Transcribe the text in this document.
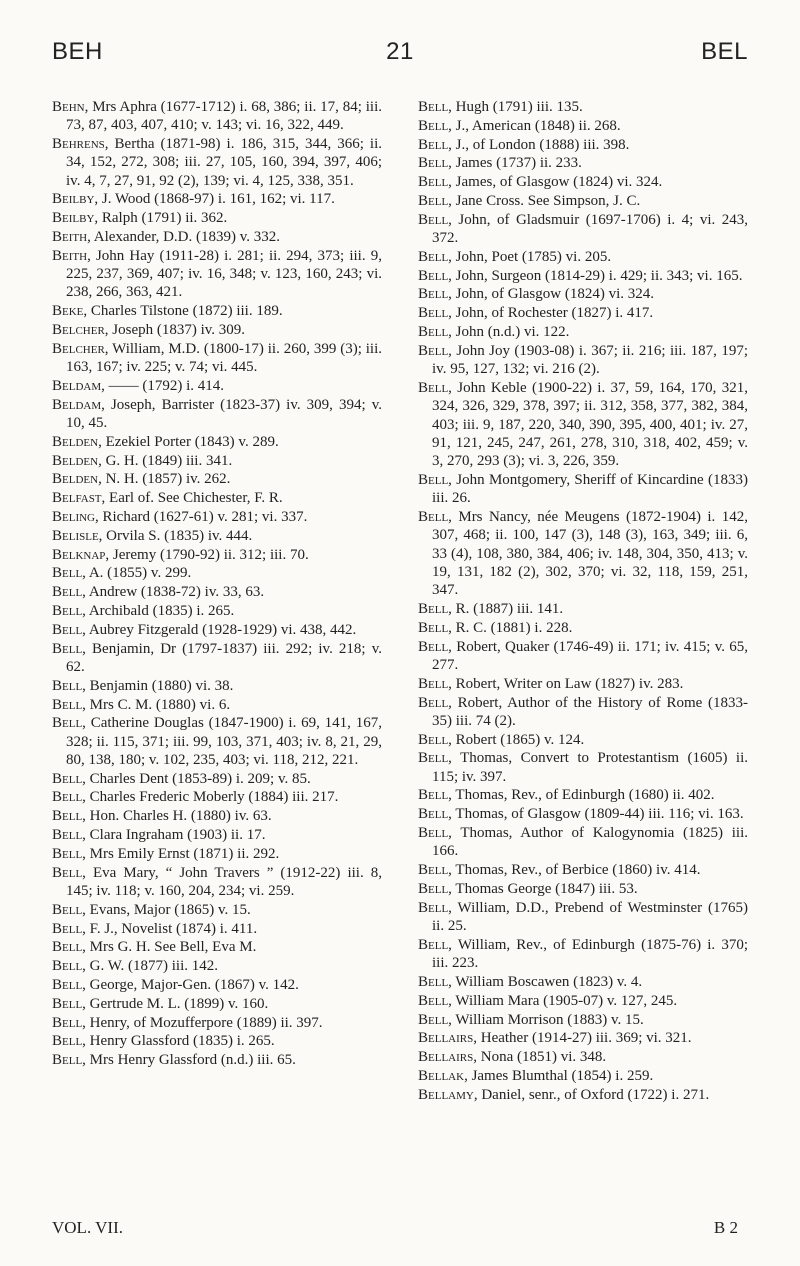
BEH	21	BEL

Behn, Mrs Aphra (1677-1712) i. 68, 386; ii. 17, 84; iii. 73, 87, 403, 407, 410; v. 143; vi. 16, 322, 449.

Behrens, Bertha (1871-98) i. 186, 315, 344, 366; ii. 34, 152, 272, 308; iii. 27, 105, 160, 394, 397, 406; iv. 4, 7, 27, 91, 92 (2), 139; vi. 4, 125, 338, 351.

Beilby, J. Wood (1868-97) i. 161, 162; vi. 117.

Beilby, Ralph (1791) ii. 362.

Beith, Alexander, D.D. (1839) v. 332.

Beith, John Hay (1911-28) i. 281; ii. 294, 373; iii. 9, 225, 237, 369, 407; iv. 16, 348; v. 123, 160, 243; vi. 238, 266, 363, 421.

Beke, Charles Tilstone (1872) iii. 189.

Belcher, Joseph (1837) iv. 309.

Belcher, William, M.D. (1800-17) ii. 260, 399 (3); iii. 163, 167; iv. 225; v. 74; vi. 445.

Beldam, —— (1792) i. 414.

Beldam, Joseph, Barrister (1823-37) iv. 309, 394; v. 10, 45.

Belden, Ezekiel Porter (1843) v. 289.

Belden, G. H. (1849) iii. 341.

Belden, N. H. (1857) iv. 262.

Belfast, Earl of. See Chichester, F. R.

Beling, Richard (1627-61) v. 281; vi. 337.

Belisle, Orvila S. (1835) iv. 444.

Belknap, Jeremy (1790-92) ii. 312; iii. 70.

Bell, A. (1855) v. 299.

Bell, Andrew (1838-72) iv. 33, 63.

Bell, Archibald (1835) i. 265.

Bell, Aubrey Fitzgerald (1928-1929) vi. 438, 442.

Bell, Benjamin, Dr (1797-1837) iii. 292; iv. 218; v. 62.

Bell, Benjamin (1880) vi. 38.

Bell, Mrs C. M. (1880) vi. 6.

Bell, Catherine Douglas (1847-1900) i. 69, 141, 167, 328; ii. 115, 371; iii. 99, 103, 371, 403; iv. 8, 21, 29, 80, 138, 180; v. 102, 235, 403; vi. 118, 212, 221.

Bell, Charles Dent (1853-89) i. 209; v. 85.

Bell, Charles Frederic Moberly (1884) iii. 217.

Bell, Hon. Charles H. (1880) iv. 63.

Bell, Clara Ingraham (1903) ii. 17.

Bell, Mrs Emily Ernst (1871) ii. 292.

Bell, Eva Mary, “ John Travers ” (1912-22) iii. 8, 145; iv. 118; v. 160, 204, 234; vi. 259.

Bell, Evans, Major (1865) v. 15.

Bell, F. J., Novelist (1874) i. 411.

Bell, Mrs G. H. See Bell, Eva M.

Bell, G. W. (1877) iii. 142.

Bell, George, Major-Gen. (1867) v. 142.

Bell, Gertrude M. L. (1899) v. 160.

Bell, Henry, of Mozufferpore (1889) ii. 397.

Bell, Henry Glassford (1835) i. 265.

Bell, Mrs Henry Glassford (n.d.) iii. 65.

Bell, Hugh (1791) iii. 135.

Bell, J., American (1848) ii. 268.

Bell, J., of London (1888) iii. 398.

Bell, James (1737) ii. 233.

Bell, James, of Glasgow (1824) vi. 324.

Bell, Jane Cross. See Simpson, J. C.

Bell, John, of Gladsmuir (1697-1706) i. 4; vi. 243, 372.

Bell, John, Poet (1785) vi. 205.

Bell, John, Surgeon (1814-29) i. 429; ii. 343; vi. 165.

Bell, John, of Glasgow (1824) vi. 324.

Bell, John, of Rochester (1827) i. 417.

Bell, John (n.d.) vi. 122.

Bell, John Joy (1903-08) i. 367; ii. 216; iii. 187, 197; iv. 95, 127, 132; vi. 216 (2).

Bell, John Keble (1900-22) i. 37, 59, 164, 170, 321, 324, 326, 329, 378, 397; ii. 312, 358, 377, 382, 384, 403; iii. 9, 187, 220, 340, 390, 395, 400, 401; iv. 27, 91, 121, 245, 247, 261, 278, 310, 318, 402, 459; v. 3, 270, 293 (3); vi. 3, 226, 359.

Bell, John Montgomery, Sheriff of Kincardine (1833) iii. 26.

Bell, Mrs Nancy, née Meugens (1872-1904) i. 142, 307, 468; ii. 100, 147 (3), 148 (3), 163, 349; iii. 6, 33 (4), 108, 380, 384, 406; iv. 148, 304, 350, 413; v. 19, 131, 182 (2), 302, 370; vi. 32, 118, 159, 251, 347.

Bell, R. (1887) iii. 141.

Bell, R. C. (1881) i. 228.

Bell, Robert, Quaker (1746-49) ii. 171; iv. 415; v. 65, 277.

Bell, Robert, Writer on Law (1827) iv. 283.

Bell, Robert, Author of the History of Rome (1833-35) iii. 74 (2).

Bell, Robert (1865) v. 124.

Bell, Thomas, Convert to Protestantism (1605) ii. 115; iv. 397.

Bell, Thomas, Rev., of Edinburgh (1680) ii. 402.

Bell, Thomas, of Glasgow (1809-44) iii. 116; vi. 163.

Bell, Thomas, Author of Kalogynomia (1825) iii. 166.

Bell, Thomas, Rev., of Berbice (1860) iv. 414.

Bell, Thomas George (1847) iii. 53.

Bell, William, D.D., Prebend of Westminster (1765) ii. 25.

Bell, William, Rev., of Edinburgh (1875-76) i. 370; iii. 223.

Bell, William Boscawen (1823) v. 4.

Bell, William Mara (1905-07) v. 127, 245.

Bell, William Morrison (1883) v. 15.

Bellairs, Heather (1914-27) iii. 369; vi. 321.

Bellairs, Nona (1851) vi. 348.

Bellak, James Blumthal (1854) i. 259.

Bellamy, Daniel, senr., of Oxford (1722) i. 271.

VOL. VII.	B 2
